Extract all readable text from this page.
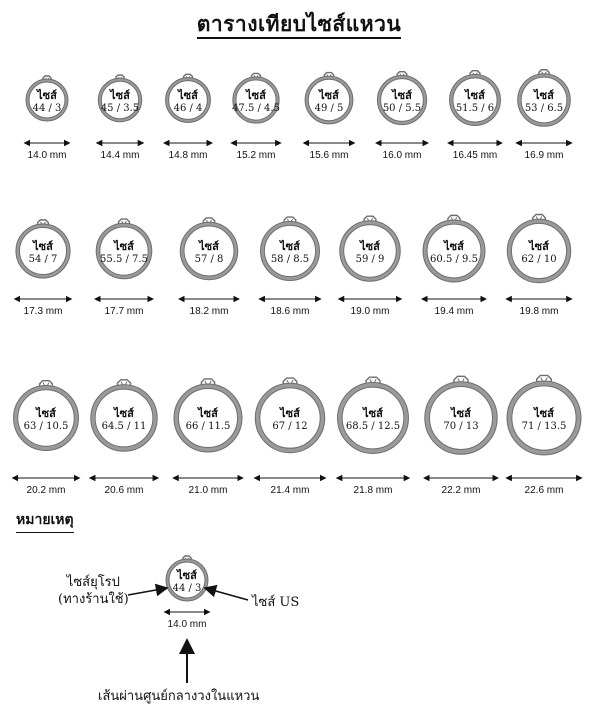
ตารางเทียบไซส์แหวน
ไซส์
44 / 3
14.0 mm
ไซส์
45 / 3.5
14.4 mm
ไซส์
46 / 4
14.8 mm
ไซส์
47.5 / 4.5
15.2 mm
ไซส์
49 / 5
15.6 mm
ไซส์
50 / 5.5
16.0 mm
ไซส์
51.5 / 6
16.45 mm
ไซส์
53 / 6.5
16.9 mm
ไซส์
54 / 7
17.3 mm
ไซส์
55.5 / 7.5
17.7 mm
ไซส์
57 / 8
18.2 mm
ไซส์
58 / 8.5
18.6 mm
ไซส์
59 / 9
19.0 mm
ไซส์
60.5 / 9.5
19.4 mm
ไซส์
62 / 10
19.8 mm
ไซส์
63 / 10.5
20.2 mm
ไซส์
64.5 / 11
20.6 mm
ไซส์
66 / 11.5
21.0 mm
ไซส์
67 / 12
21.4 mm
ไซส์
68.5 / 12.5
21.8 mm
ไซส์
70 / 13
22.2 mm
ไซส์
71 / 13.5
22.6 mm
ไซส์
44 / 3
14.0 mm
หมายเหตุ
ไซส์ยุโรป
(ทางร้านใช้)	ไซส์ US
เส้นผ่านศูนย์กลางวงในแหวน
